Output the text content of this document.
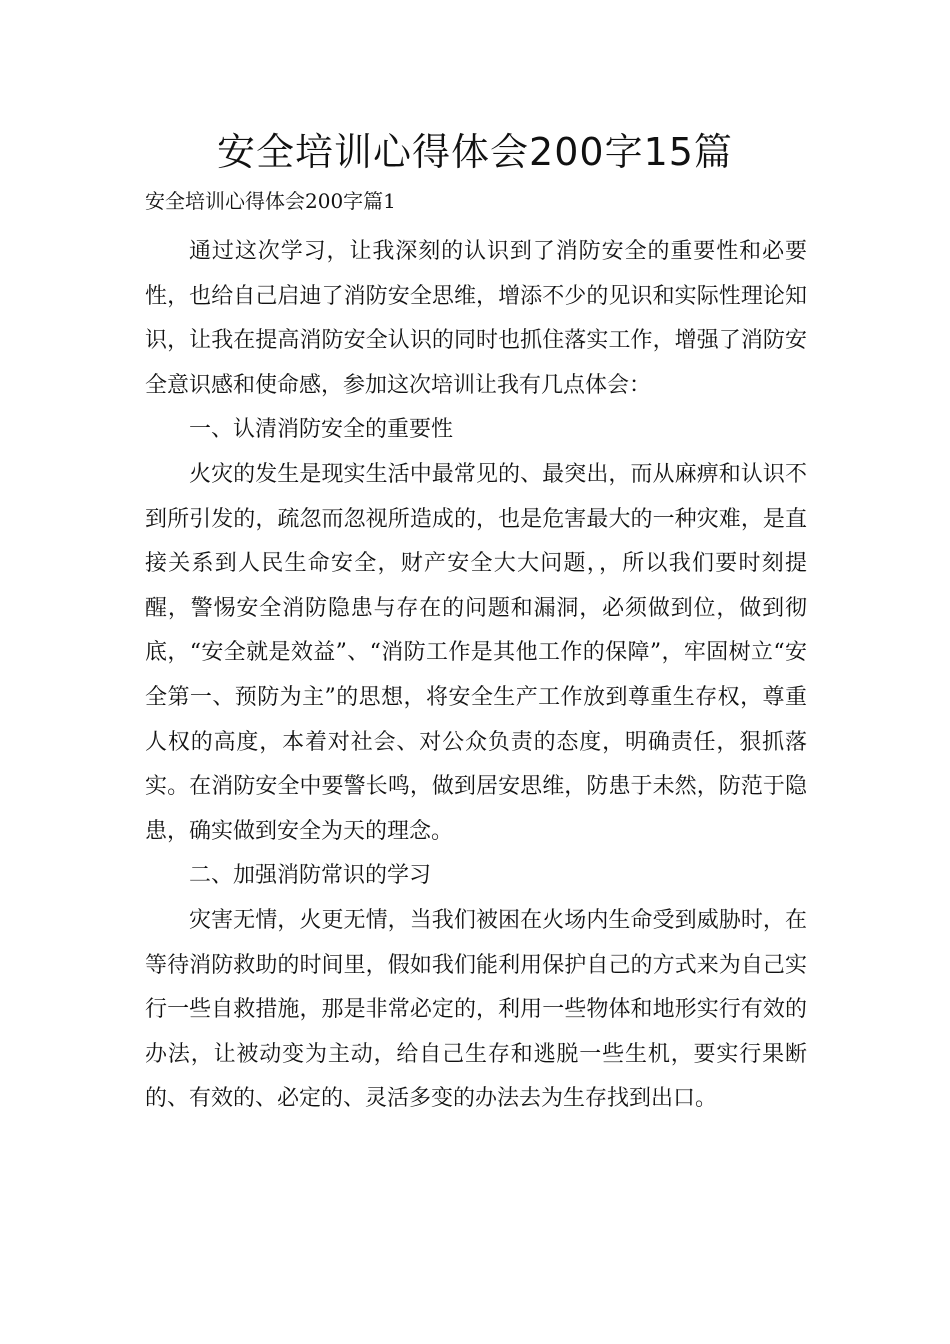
安全培训心得体会200字15篇
安全培训心得体会200字篇1

通过这次学习，让我深刻的认识到了消防安全的重要性和必要性，也给自己启迪了消防安全思维，增添不少的见识和实际性理论知识，让我在提高消防安全认识的同时也抓住落实工作，增强了消防安全意识感和使命感，参加这次培训让我有几点体会：

一、认清消防安全的重要性

火灾的发生是现实生活中最常见的、最突出，而从麻痹和认识不到所引发的，疏忽而忽视所造成的，也是危害最大的一种灾难，是直接关系到人民生命安全，财产安全大大问题，，所以我们要时刻提醒，警惕安全消防隐患与存在的问题和漏洞，必须做到位，做到彻底，“安全就是效益”、“消防工作是其他工作的保障”，牢固树立“安全第一、预防为主”的思想，将安全生产工作放到尊重生存权，尊重人权的高度，本着对社会、对公众负责的态度，明确责任，狠抓落实。在消防安全中要警长鸣，做到居安思维，防患于未然，防范于隐患，确实做到安全为天的理念。

二、加强消防常识的学习

灾害无情，火更无情，当我们被困在火场内生命受到威胁时，在等待消防救助的时间里，假如我们能利用保护自己的方式来为自己实行一些自救措施，那是非常必定的，利用一些物体和地形实行有效的办法，让被动变为主动，给自己生存和逃脱一些生机，要实行果断的、有效的、必定的、灵活多变的办法去为生存找到出口。
